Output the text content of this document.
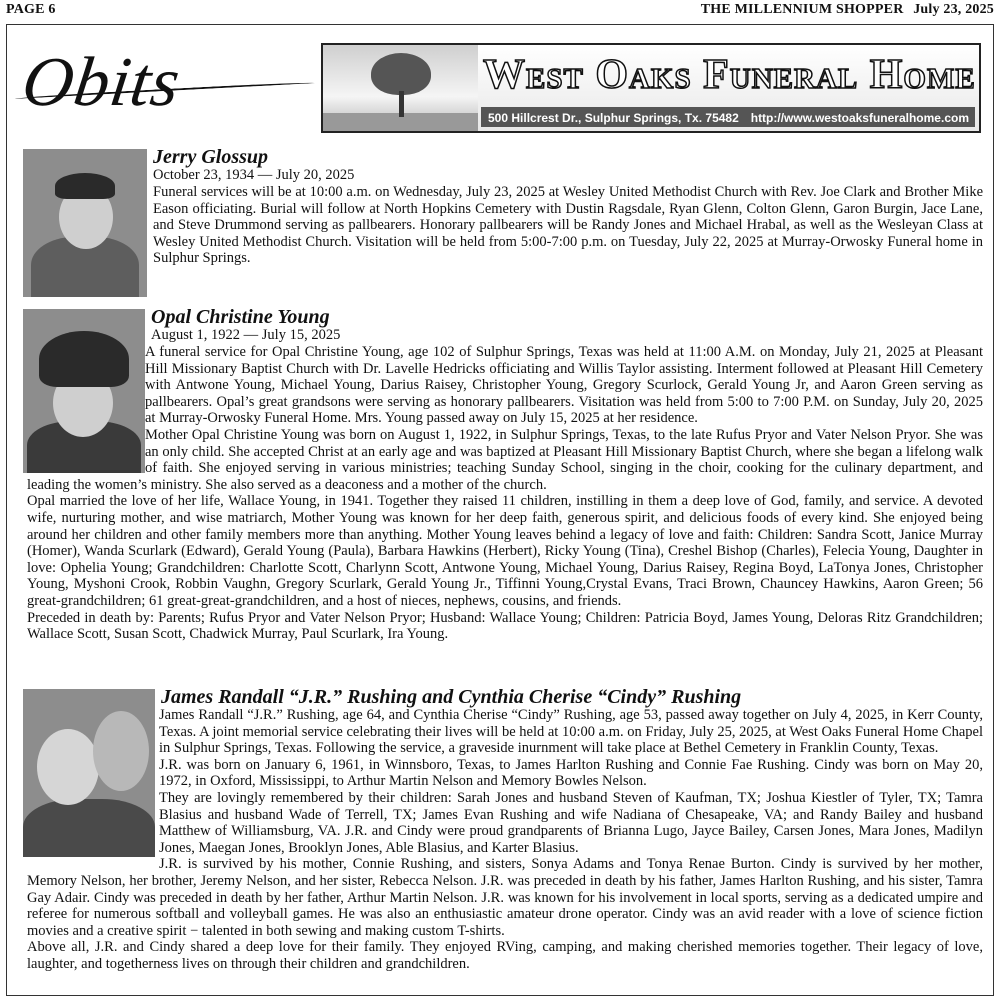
PAGE 6	THE MILLENNIUM SHOPPER July 23, 2025
Obits	West Oaks Funeral Home
500 Hillcrest Dr., Sulphur Springs, Tx. 75482 http://www.westoaksfuneralhome.com
Jerry Glossup
October 23, 1934 — July 20, 2025

Funeral services will be at 10:00 a.m. on Wednesday, July 23, 2025 at Wesley United Methodist Church with Rev. Joe Clark and Brother Mike Eason officiating. Burial will follow at North Hopkins Cemetery with Dustin Ragsdale, Ryan Glenn, Colton Glenn, Garon Burgin, Jace Lane, and Steve Drummond serving as pallbearers. Honorary pallbearers will be Randy Jones and Michael Hrabal, as well as the Wesleyan Class at Wesley United Methodist Church. Visitation will be held from 5:00-7:00 p.m. on Tuesday, July 22, 2025 at Murray-Orwosky Funeral home in Sulphur Springs.

Opal Christine Young
August 1, 1922 — July 15, 2025

A funeral service for Opal Christine Young, age 102 of Sulphur Springs, Texas was held at 11:00 A.M. on Monday, July 21, 2025 at Pleasant Hill Missionary Baptist Church with Dr. Lavelle Hedricks officiating and Willis Taylor assisting. Interment followed at Pleasant Hill Cemetery with Antwone Young, Michael Young, Darius Raisey, Christopher Young, Gregory Scurlock, Gerald Young Jr, and Aaron Green serving as pallbearers. Opal’s great grandsons were serving as honorary pallbearers. Visitation was held from 5:00 to 7:00 P.M. on Sunday, July 20, 2025 at Murray-Orwosky Funeral Home. Mrs. Young passed away on July 15, 2025 at her residence.

Mother Opal Christine Young was born on August 1, 1922, in Sulphur Springs, Texas, to the late Rufus Pryor and Vater Nelson Pryor. She was an only child. She accepted Christ at an early age and was baptized at Pleasant Hill Missionary Baptist Church, where she began a lifelong walk of faith. She enjoyed serving in various ministries; teaching Sunday School, singing in the choir, cooking for the culinary department, and leading the women’s ministry. She also served as a deaconess and a mother of the church.

Opal married the love of her life, Wallace Young, in 1941. Together they raised 11 children, instilling in them a deep love of God, family, and service. A devoted wife, nurturing mother, and wise matriarch, Mother Young was known for her deep faith, generous spirit, and delicious foods of every kind. She enjoyed being around her children and other family members more than anything. Mother Young leaves behind a legacy of love and faith: Children: Sandra Scott, Janice Murray (Homer), Wanda Scurlark (Edward), Gerald Young (Paula), Barbara Hawkins (Herbert), Ricky Young (Tina), Creshel Bishop (Charles), Felecia Young, Daughter in love: Ophelia Young; Grandchildren: Charlotte Scott, Charlynn Scott, Antwone Young, Michael Young, Darius Raisey, Regina Boyd, LaTonya Jones, Christopher Young, Myshoni Crook, Robbin Vaughn, Gregory Scurlark, Gerald Young Jr., Tiffinni Young,Crystal Evans, Traci Brown, Chauncey Hawkins, Aaron Green; 56 great-grandchildren; 61 great-great-grandchildren, and a host of nieces, nephews, cousins, and friends.

Preceded in death by: Parents; Rufus Pryor and Vater Nelson Pryor; Husband: Wallace Young; Children: Patricia Boyd, James Young, Deloras Ritz Grandchildren; Wallace Scott, Susan Scott, Chadwick Murray, Paul Scurlark, Ira Young.

James Randall “J.R.” Rushing and Cynthia Cherise “Cindy” Rushing

James Randall “J.R.” Rushing, age 64, and Cynthia Cherise “Cindy” Rushing, age 53, passed away together on July 4, 2025, in Kerr County, Texas. A joint memorial service celebrating their lives will be held at 10:00 a.m. on Friday, July 25, 2025, at West Oaks Funeral Home Chapel in Sulphur Springs, Texas. Following the service, a graveside inurnment will take place at Bethel Cemetery in Franklin County, Texas.

J.R. was born on January 6, 1961, in Winnsboro, Texas, to James Harlton Rushing and Connie Fae Rushing. Cindy was born on May 20, 1972, in Oxford, Mississippi, to Arthur Martin Nelson and Memory Bowles Nelson.

They are lovingly remembered by their children: Sarah Jones and husband Steven of Kaufman, TX; Joshua Kiestler of Tyler, TX; Tamra Blasius and husband Wade of Terrell, TX; James Evan Rushing and wife Nadiana of Chesapeake, VA; and Randy Bailey and husband Matthew of Williamsburg, VA. J.R. and Cindy were proud grandparents of Brianna Lugo, Jayce Bailey, Carsen Jones, Mara Jones, Madilyn Jones, Maegan Jones, Brooklyn Jones, Able Blasius, and Karter Blasius.

J.R. is survived by his mother, Connie Rushing, and sisters, Sonya Adams and Tonya Renae Burton. Cindy is survived by her mother, Memory Nelson, her brother, Jeremy Nelson, and her sister, Rebecca Nelson. J.R. was preceded in death by his father, James Harlton Rushing, and his sister, Tamra Gay Adair. Cindy was preceded in death by her father, Arthur Martin Nelson. J.R. was known for his involvement in local sports, serving as a dedicated umpire and referee for numerous softball and volleyball games. He was also an enthusiastic amateur drone operator. Cindy was an avid reader with a love of science fiction movies and a creative spirit − talented in both sewing and making custom T-shirts.

Above all, J.R. and Cindy shared a deep love for their family. They enjoyed RVing, camping, and making cherished memories together. Their legacy of love, laughter, and togetherness lives on through their children and grandchildren.
